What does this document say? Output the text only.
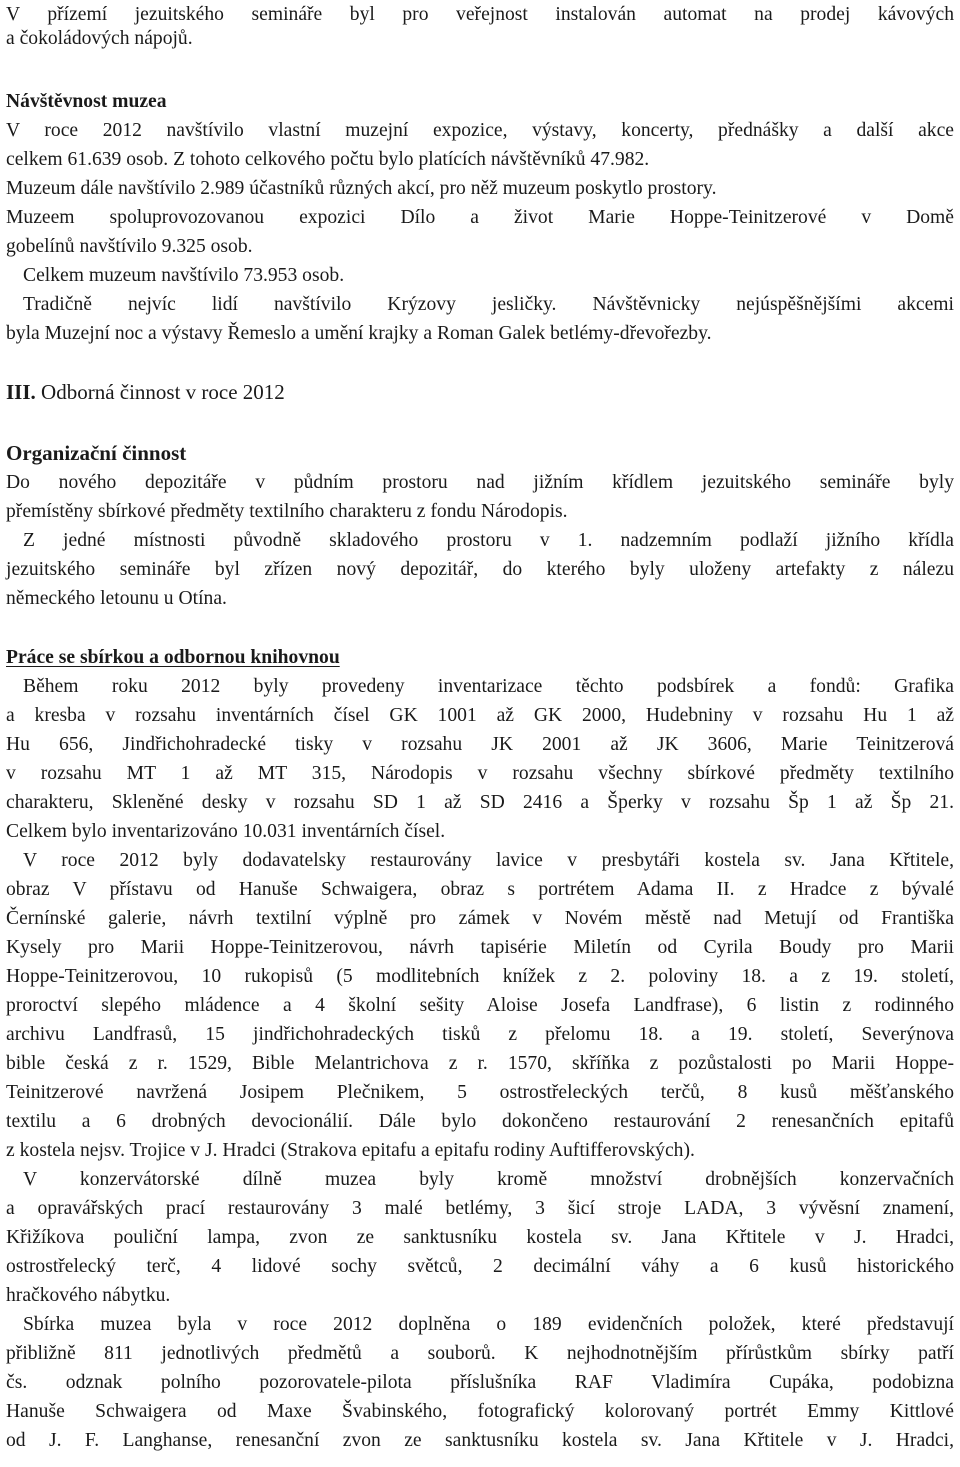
V přízemí jezuitského semináře byl pro veřejnost instalován automat na prodej kávových
a čokoládových nápojů.
Návštěvnost muzea
V roce 2012 navštívilo vlastní muzejní expozice, výstavy, koncerty, přednášky a další akce
celkem 61.639 osob. Z tohoto celkového počtu bylo platících návštěvníků 47.982.
Muzeum dále navštívilo 2.989 účastníků různých akcí, pro něž muzeum poskytlo prostory.
Muzeem spoluprovozovanou expozici Dílo a život Marie Hoppe-Teinitzerové v Domě
gobelínů navštívilo 9.325 osob.
Celkem muzeum navštívilo 73.953 osob.
Tradičně nejvíc lidí navštívilo Krýzovy jesličky. Návštěvnicky nejúspěšnějšími akcemi
byla Muzejní noc a výstavy Řemeslo a umění krajky a Roman Galek betlémy-dřevořezby.
III. Odborná činnost v roce 2012
Organizační činnost
Do nového depozitáře v půdním prostoru nad jižním křídlem jezuitského semináře byly
přemístěny sbírkové předměty textilního charakteru z fondu Národopis.
Z jedné místnosti původně skladového prostoru v 1. nadzemním podlaží jižního křídla
jezuitského semináře byl zřízen nový depozitář, do kterého byly uloženy artefakty z nálezu
německého letounu u Otína.
Práce se sbírkou a odbornou knihovnou
Během roku 2012 byly provedeny inventarizace těchto podsbírek a fondů: Grafika
a kresba v rozsahu inventárních čísel GK 1001 až GK 2000, Hudebniny v rozsahu Hu 1 až
Hu 656, Jindřichohradecké tisky v rozsahu JK 2001 až JK 3606, Marie Teinitzerová
v rozsahu MT 1 až MT 315, Národopis v rozsahu všechny sbírkové předměty textilního
charakteru, Skleněné desky v rozsahu SD 1 až SD 2416 a Šperky v rozsahu Šp 1 až Šp 21.
Celkem bylo inventarizováno 10.031 inventárních čísel.
V roce 2012 byly dodavatelsky restaurovány lavice v presbytáři kostela sv. Jana Křtitele,
obraz V přístavu od Hanuše Schwaigera, obraz s portrétem Adama II. z Hradce z bývalé
Černínské galerie, návrh textilní výplně pro zámek v Novém městě nad Metují od Františka
Kysely pro Marii Hoppe-Teinitzerovou, návrh tapisérie Miletín od Cyrila Boudy pro Marii
Hoppe-Teinitzerovou, 10 rukopisů (5 modlitebních knížek z 2. poloviny 18. a z 19. století,
proroctví slepého mládence a 4 školní sešity Aloise Josefa Landfrase), 6 listin z rodinného
archivu Landfrasů, 15 jindřichohradeckých tisků z přelomu 18. a 19. století, Severýnova
bible česká z r. 1529, Bible Melantrichova z r. 1570, skříňka z pozůstalosti po Marii Hoppe-
Teinitzerové navržená Josipem Plečnikem, 5 ostrostřeleckých terčů, 8 kusů měšťanského
textilu a 6 drobných devocionálií. Dále bylo dokončeno restaurování 2 renesančních epitafů
z kostela nejsv. Trojice v J. Hradci (Strakova epitafu a epitafu rodiny Auftifferovských).
V konzervátorské dílně muzea byly kromě množství drobnějších konzervačních
a opravářských prací restaurovány 3 malé betlémy, 3 šicí stroje LADA, 3 vývěsní znamení,
Křižíkova pouliční lampa, zvon ze sanktusníku kostela sv. Jana Křtitele v J. Hradci,
ostrostřelecký terč, 4 lidové sochy světců, 2 decimální váhy a 6 kusů historického
hračkového nábytku.
Sbírka muzea byla v roce 2012 doplněna o 189 evidenčních položek, které představují
přibližně 811 jednotlivých předmětů a souborů. K nejhodnotnějším přírůstkům sbírky patří
čs. odznak polního pozorovatele-pilota příslušníka RAF Vladimíra Cupáka, podobizna
Hanuše Schwaigera od Maxe Švabinského, fotografický kolorovaný portrét Emmy Kittlové
od J. F. Langhanse, renesanční zvon ze sanktusníku kostela sv. Jana Křtitele v J. Hradci,
